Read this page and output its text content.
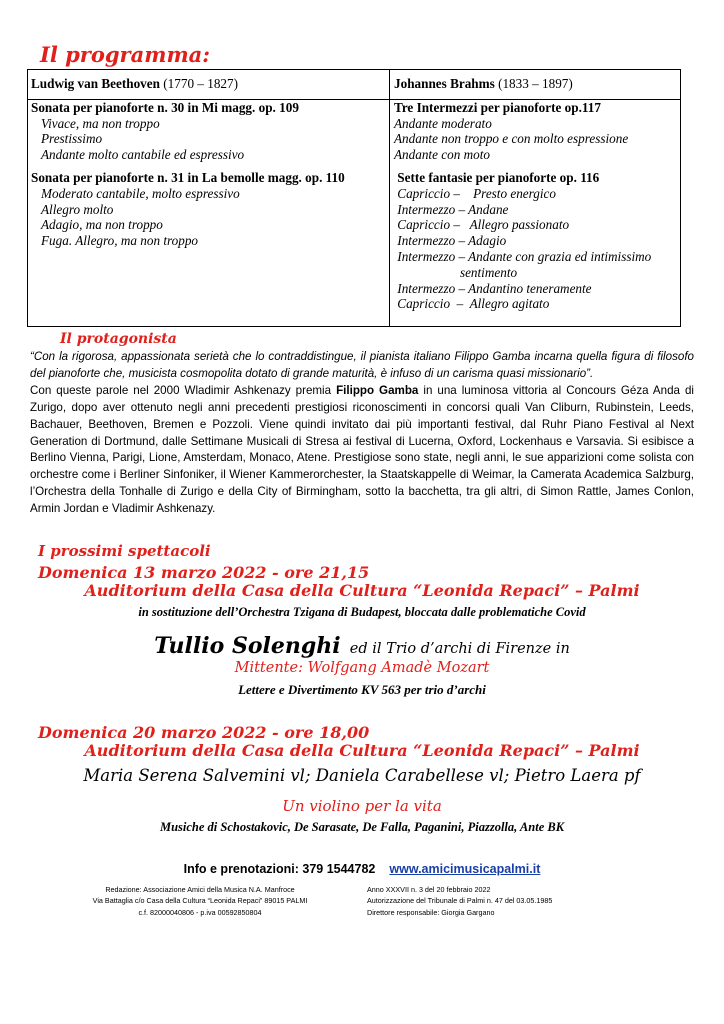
Il programma:
Ludwig van Beethoven (1770 – 1827)
Sonata per pianoforte n. 30 in Mi magg. op. 109
Vivace, ma non troppo
Prestissimo
Andante molto cantabile ed espressivo
Sonata per pianoforte n. 31 in La bemolle magg. op. 110
Moderato cantabile, molto espressivo
Allegro molto
Adagio, ma non troppo
Fuga. Allegro, ma non troppo
Johannes Brahms (1833 – 1897)
Tre Intermezzi per pianoforte op.117
Andante moderato
Andante non troppo e con molto espressione
Andante con moto
Sette fantasie per pianoforte op. 116
Capriccio –    Presto energico
Intermezzo – Andane
Capriccio –   Allegro passionato
Intermezzo – Adagio
Intermezzo – Andante con grazia ed intimissimo
sentimento
Intermezzo – Andantino teneramente
Capriccio  –  Allegro agitato
Il protagonista
“Con la rigorosa, appassionata serietà che lo contraddistingue, il pianista italiano Filippo Gamba incarna quella figura di filosofo del pianoforte che, musicista cosmopolita dotato di grande maturità, è infuso di un carisma quasi missionario”.
Con queste parole nel 2000 Wladimir Ashkenazy premia Filippo Gamba in una luminosa vittoria al Concours Géza Anda di Zurigo, dopo aver ottenuto negli anni precedenti prestigiosi riconoscimenti in concorsi quali Van Cliburn, Rubinstein, Leeds, Bachauer, Beethoven, Bremen e Pozzoli. Viene quindi invitato dai più importanti festival, dal Ruhr Piano Festival al Next Generation di Dortmund, dalle Settimane Musicali di Stresa ai festival di Lucerna, Oxford, Lockenhaus e Varsavia. Si esibisce a Berlino Vienna, Parigi, Lione, Amsterdam, Monaco, Atene. Prestigiose sono state, negli anni, le sue apparizioni come solista con orchestre come i Berliner Sinfoniker, il Wiener Kammerorchester, la Staatskappelle di Weimar, la Camerata Academica Salzburg, l’Orchestra della Tonhalle di Zurigo e della City of Birmingham, sotto la bacchetta, tra gli altri, di Simon Rattle, James Conlon, Armin Jordan e Vladimir Ashkenazy.
I prossimi spettacoli
Domenica 13 marzo 2022 - ore 21,15
Auditorium della Casa della Cultura “Leonida Repaci” – Palmi
in sostituzione dell’Orchestra Tzigana di Budapest, bloccata dalle problematiche Covid
Tullio Solenghi  ed il Trio d’archi di Firenze in
Mittente: Wolfgang Amadè Mozart
Lettere e Divertimento KV 563 per trio d’archi
Domenica 20 marzo 2022 - ore 18,00
Auditorium della Casa della Cultura “Leonida Repaci” – Palmi
Maria Serena Salvemini vl; Daniela Carabellese vl; Pietro Laera pf
Un violino per la vita
Musiche di Schostakovic, De Sarasate, De Falla, Paganini, Piazzolla, Ante BK
Info e prenotazioni: 379 1544782 www.amicimusicapalmi.it
Redazione: Associazione Amici della Musica N.A. Manfroce
Via Battaglia c/o Casa della Cultura “Leonida Repaci” 89015 PALMI
c.f. 82000040806 - p.iva 00592850804
Anno XXXVII n. 3 del 20 febbraio 2022
Autorizzazione del Tribunale di Palmi n. 47 del 03.05.1985
Direttore responsabile: Giorgia Gargano
